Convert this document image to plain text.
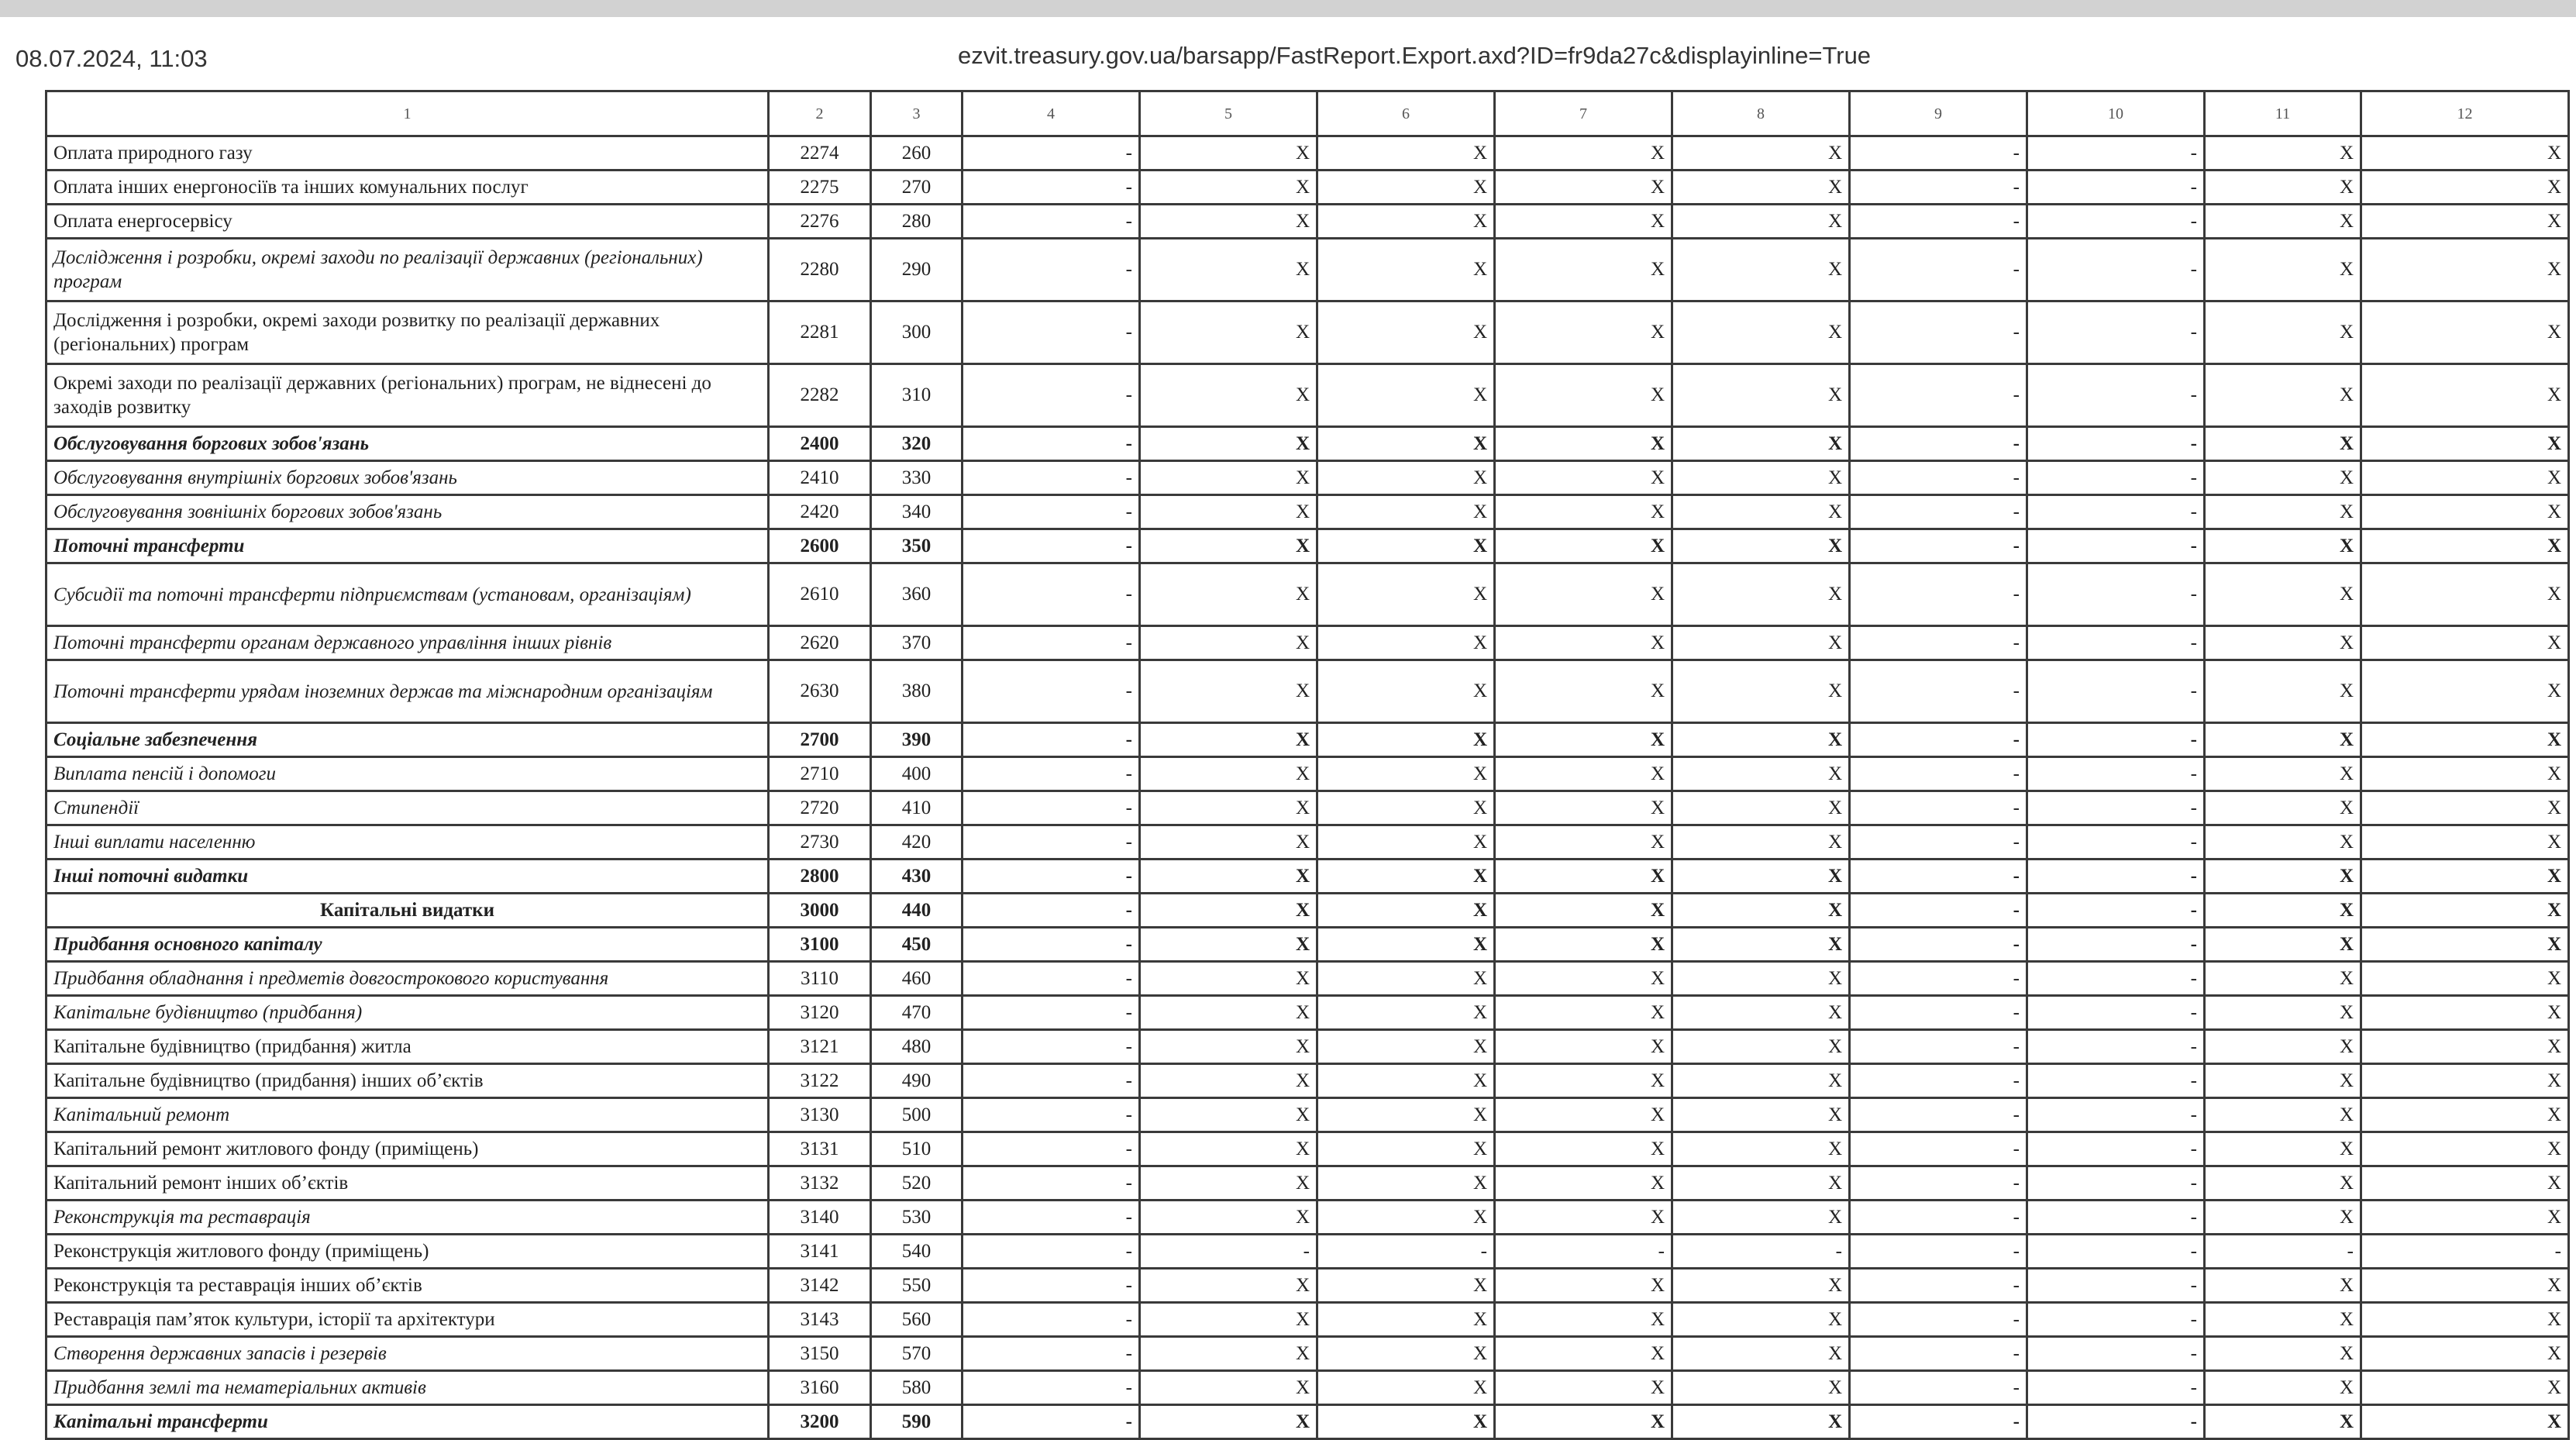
08.07.2024, 11:03	ezvit.treasury.gov.ua/barsapp/FastReport.Export.axd?ID=fr9da27c&displayinline=True
1	2	3	4	5	6	7	8	9	10	11	12
Оплата природного газу	2274	260	-	X	X	X	X	-	-	X	X
Оплата інших енергоносіїв та інших комунальних послуг	2275	270	-	X	X	X	X	-	-	X	X
Оплата енергосервісу	2276	280	-	X	X	X	X	-	-	X	X
Дослідження і розробки, окремі заходи по реалізації державних (регіональних) програм	2280	290	-	X	X	X	X	-	-	X	X
Дослідження і розробки, окремі заходи розвитку по реалізації державних (регіональних) програм	2281	300	-	X	X	X	X	-	-	X	X
Окремі заходи по реалізації державних (регіональних) програм, не віднесені до заходів розвитку	2282	310	-	X	X	X	X	-	-	X	X
Обслуговування боргових зобов'язань	2400	320	-	X	X	X	X	-	-	X	X
Обслуговування внутрішніх боргових зобов'язань	2410	330	-	X	X	X	X	-	-	X	X
Обслуговування зовнішніх боргових зобов'язань	2420	340	-	X	X	X	X	-	-	X	X
Поточні трансферти	2600	350	-	X	X	X	X	-	-	X	X
Субсидії та поточні трансферти підприємствам (установам, організаціям)	2610	360	-	X	X	X	X	-	-	X	X
Поточні трансферти органам державного управління інших рівнів	2620	370	-	X	X	X	X	-	-	X	X
Поточні трансферти урядам іноземних держав та міжнародним організаціям	2630	380	-	X	X	X	X	-	-	X	X
Соціальне забезпечення	2700	390	-	X	X	X	X	-	-	X	X
Виплата пенсій і допомоги	2710	400	-	X	X	X	X	-	-	X	X
Стипендії	2720	410	-	X	X	X	X	-	-	X	X
Інші виплати населенню	2730	420	-	X	X	X	X	-	-	X	X
Інші поточні видатки	2800	430	-	X	X	X	X	-	-	X	X
Капітальні видатки	3000	440	-	X	X	X	X	-	-	X	X
Придбання основного капіталу	3100	450	-	X	X	X	X	-	-	X	X
Придбання обладнання і предметів довгострокового користування	3110	460	-	X	X	X	X	-	-	X	X
Капітальне будівництво (придбання)	3120	470	-	X	X	X	X	-	-	X	X
Капітальне будівництво (придбання) житла	3121	480	-	X	X	X	X	-	-	X	X
Капітальне будівництво (придбання) інших об’єктів	3122	490	-	X	X	X	X	-	-	X	X
Капітальний ремонт	3130	500	-	X	X	X	X	-	-	X	X
Капітальний ремонт житлового фонду (приміщень)	3131	510	-	X	X	X	X	-	-	X	X
Капітальний ремонт інших об’єктів	3132	520	-	X	X	X	X	-	-	X	X
Реконструкція та реставрація	3140	530	-	X	X	X	X	-	-	X	X
Реконструкція житлового фонду (приміщень)	3141	540	-	-	-	-	-	-	-	-	-
Реконструкція та реставрація інших об’єктів	3142	550	-	X	X	X	X	-	-	X	X
Реставрація пам’яток культури, історії та архітектури	3143	560	-	X	X	X	X	-	-	X	X
Створення державних запасів і резервів	3150	570	-	X	X	X	X	-	-	X	X
Придбання землі та нематеріальних активів	3160	580	-	X	X	X	X	-	-	X	X
Капітальні трансферти	3200	590	-	X	X	X	X	-	-	X	X
